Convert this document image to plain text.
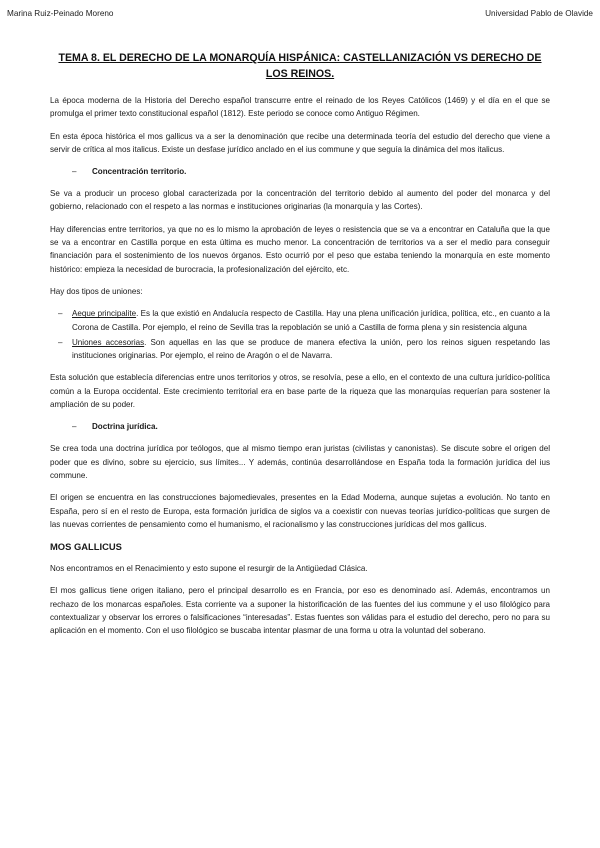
Marina Ruiz-Peinado Moreno	Universidad Pablo de Olavide
TEMA 8. EL DERECHO DE LA MONARQUÍA HISPÁNICA: CASTELLANIZACIÓN VS DERECHO DE LOS REINOS.

La época moderna de la Historia del Derecho español transcurre entre el reinado de los Reyes Católicos (1469) y el día en el que se promulga el primer texto constitucional español (1812). Este periodo se conoce como Antiguo Régimen.

En esta época histórica el mos gallicus va a ser la denominación que recibe una determinada teoría del estudio del derecho que viene a servir de crítica al mos italicus. Existe un desfase jurídico anclado en el ius commune y que seguía la dinámica del mos italicus.

–	Concentración territorio.

Se va a producir un proceso global caracterizada por la concentración del territorio debido al aumento del poder del monarca y del gobierno, relacionado con el respeto a las normas e instituciones originarias (la monarquía y las Cortes).

Hay diferencias entre territorios, ya que no es lo mismo la aprobación de leyes o resistencia que se va a encontrar en Cataluña que la que se va a encontrar en Castilla porque en esta última es mucho menor. La concentración de territorios va a ser el medio para conseguir financiación para el sostenimiento de los nuevos órganos. Esto ocurrió por el peso que estaba teniendo la monarquía en este momento histórico: empieza la necesidad de burocracia, la profesionalización del ejército, etc.

Hay dos tipos de uniones:

– Aeque principalite. Es la que existió en Andalucía respecto de Castilla. Hay una plena unificación jurídica, política, etc., en cuanto a la Corona de Castilla. Por ejemplo, el reino de Sevilla tras la repoblación se unió a Castilla de forma plena y sin resistencia alguna
– Uniones accesorias. Son aquellas en las que se produce de manera efectiva la unión, pero los reinos siguen respetando las instituciones originarias. Por ejemplo, el reino de Aragón o el de Navarra.

Esta solución que establecía diferencias entre unos territorios y otros, se resolvía, pese a ello, en el contexto de una cultura jurídico-política común a la Europa occidental. Este crecimiento territorial era en base parte de la riqueza que las monarquías requerían para sostener la ampliación de su poder.

–	Doctrina jurídica.

Se crea toda una doctrina jurídica por teólogos, que al mismo tiempo eran juristas (civilistas y canonistas). Se discute sobre el origen del poder que es divino, sobre su ejercicio, sus límites... Y además, continúa desarrollándose en España toda la formación jurídica del ius commune.

El origen se encuentra en las construcciones bajomedievales, presentes en la Edad Moderna, aunque sujetas a evolución. No tanto en España, pero sí en el resto de Europa, esta formación jurídica de siglos va a coexistir con nuevas teorías jurídico-políticas que surgen de las nuevas corrientes de pensamiento como el humanismo, el racionalismo y las construcciones jurídicas del mos gallicus.

MOS GALLICUS

Nos encontramos en el Renacimiento y esto supone el resurgir de la Antigüedad Clásica.

El mos gallicus tiene origen italiano, pero el principal desarrollo es en Francia, por eso es denominado así. Además, encontramos un rechazo de los monarcas españoles. Esta corriente va a suponer la historificación de las fuentes del ius commune y el uso filológico para contextualizar y observar los errores o falsificaciones “interesadas”. Estas fuentes son válidas para el estudio del derecho, pero no para su aplicación en el momento. Con el uso filológico se buscaba intentar plasmar de una forma u otra la voluntad del soberano.
